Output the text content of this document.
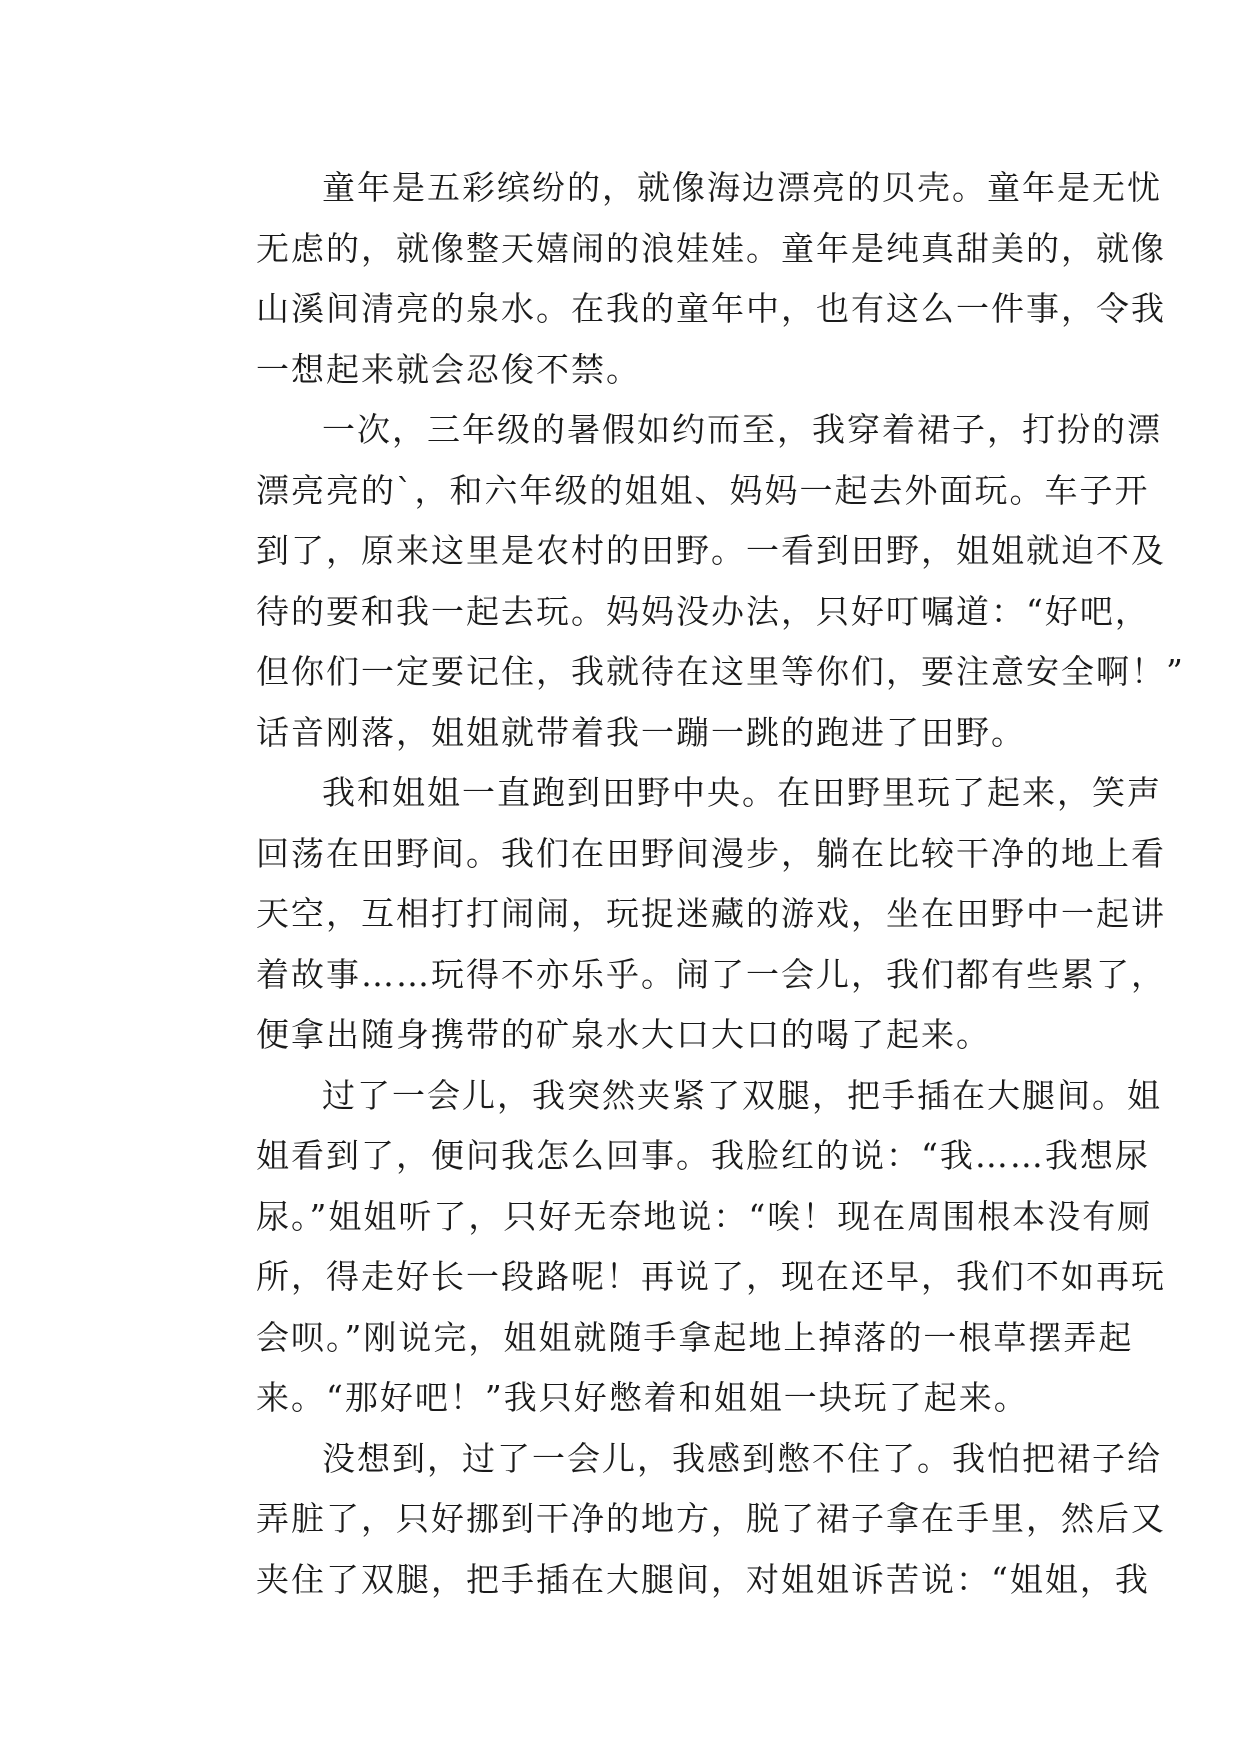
童年是五彩缤纷的，就像海边漂亮的贝壳。童年是无忧
无虑的，就像整天嬉闹的浪娃娃。童年是纯真甜美的，就像
山溪间清亮的泉水。在我的童年中，也有这么一件事，令我
一想起来就会忍俊不禁。
一次，三年级的暑假如约而至，我穿着裙子，打扮的漂
漂亮亮的`，和六年级的姐姐、妈妈一起去外面玩。车子开
到了，原来这里是农村的田野。一看到田野，姐姐就迫不及
待的要和我一起去玩。妈妈没办法，只好叮嘱道：“好吧，
但你们一定要记住，我就待在这里等你们，要注意安全啊！”
话音刚落，姐姐就带着我一蹦一跳的跑进了田野。
我和姐姐一直跑到田野中央。在田野里玩了起来，笑声
回荡在田野间。我们在田野间漫步，躺在比较干净的地上看
天空，互相打打闹闹，玩捉迷藏的游戏，坐在田野中一起讲
着故事……玩得不亦乐乎。闹了一会儿，我们都有些累了，
便拿出随身携带的矿泉水大口大口的喝了起来。
过了一会儿，我突然夹紧了双腿，把手插在大腿间。姐
姐看到了，便问我怎么回事。我脸红的说：“我……我想尿
尿。”姐姐听了，只好无奈地说：“唉！现在周围根本没有厕
所，得走好长一段路呢！再说了，现在还早，我们不如再玩
会呗。”刚说完，姐姐就随手拿起地上掉落的一根草摆弄起
来。“那好吧！”我只好憋着和姐姐一块玩了起来。
没想到，过了一会儿，我感到憋不住了。我怕把裙子给
弄脏了，只好挪到干净的地方，脱了裙子拿在手里，然后又
夹住了双腿，把手插在大腿间，对姐姐诉苦说：“姐姐，我
